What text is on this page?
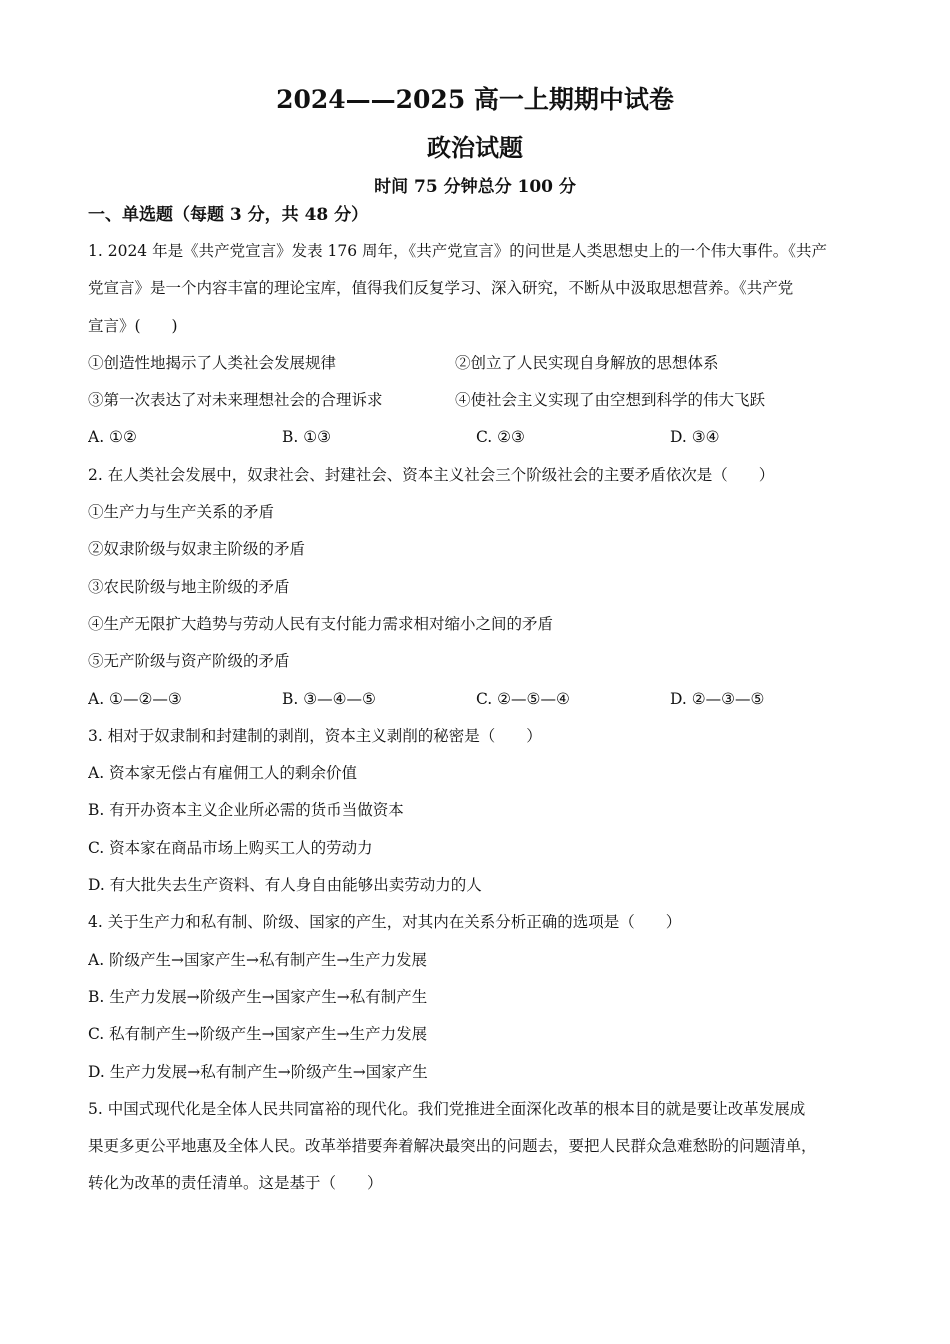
2024——2025 高一上期期中试卷
政治试题
时间 75 分钟总分 100 分
一、单选题（每题 3 分，共 48 分）
1. 2024 年是《共产党宣言》发表 176 周年，《共产党宣言》的问世是人类思想史上的一个伟大事件。《共产
党宣言》是一个内容丰富的理论宝库，值得我们反复学习、深入研究，不断从中汲取思想营养。《共产党
宣言》(　　)
①创造性地揭示了人类社会发展规律	②创立了人民实现自身解放的思想体系
③第一次表达了对未来理想社会的合理诉求	④使社会主义实现了由空想到科学的伟大飞跃
A. ①②	B. ①③	C. ②③	D. ③④
2. 在人类社会发展中，奴隶社会、封建社会、资本主义社会三个阶级社会的主要矛盾依次是（　　）
①生产力与生产关系的矛盾
②奴隶阶级与奴隶主阶级的矛盾
③农民阶级与地主阶级的矛盾
④生产无限扩大趋势与劳动人民有支付能力需求相对缩小之间的矛盾
⑤无产阶级与资产阶级的矛盾
A. ①—②—③	B. ③—④—⑤	C. ②—⑤—④	D. ②—③—⑤
3. 相对于奴隶制和封建制的剥削，资本主义剥削的秘密是（　　）
A. 资本家无偿占有雇佣工人的剩余价值
B. 有开办资本主义企业所必需的货币当做资本
C. 资本家在商品市场上购买工人的劳动力
D. 有大批失去生产资料、有人身自由能够出卖劳动力的人
4. 关于生产力和私有制、阶级、国家的产生，对其内在关系分析正确的选项是（　　）
A. 阶级产生→国家产生→私有制产生→生产力发展
B. 生产力发展→阶级产生→国家产生→私有制产生
C. 私有制产生→阶级产生→国家产生→生产力发展
D. 生产力发展→私有制产生→阶级产生→国家产生
5. 中国式现代化是全体人民共同富裕的现代化。我们党推进全面深化改革的根本目的就是要让改革发展成
果更多更公平地惠及全体人民。改革举措要奔着解决最突出的问题去，要把人民群众急难愁盼的问题清单，
转化为改革的责任清单。这是基于（　　）
